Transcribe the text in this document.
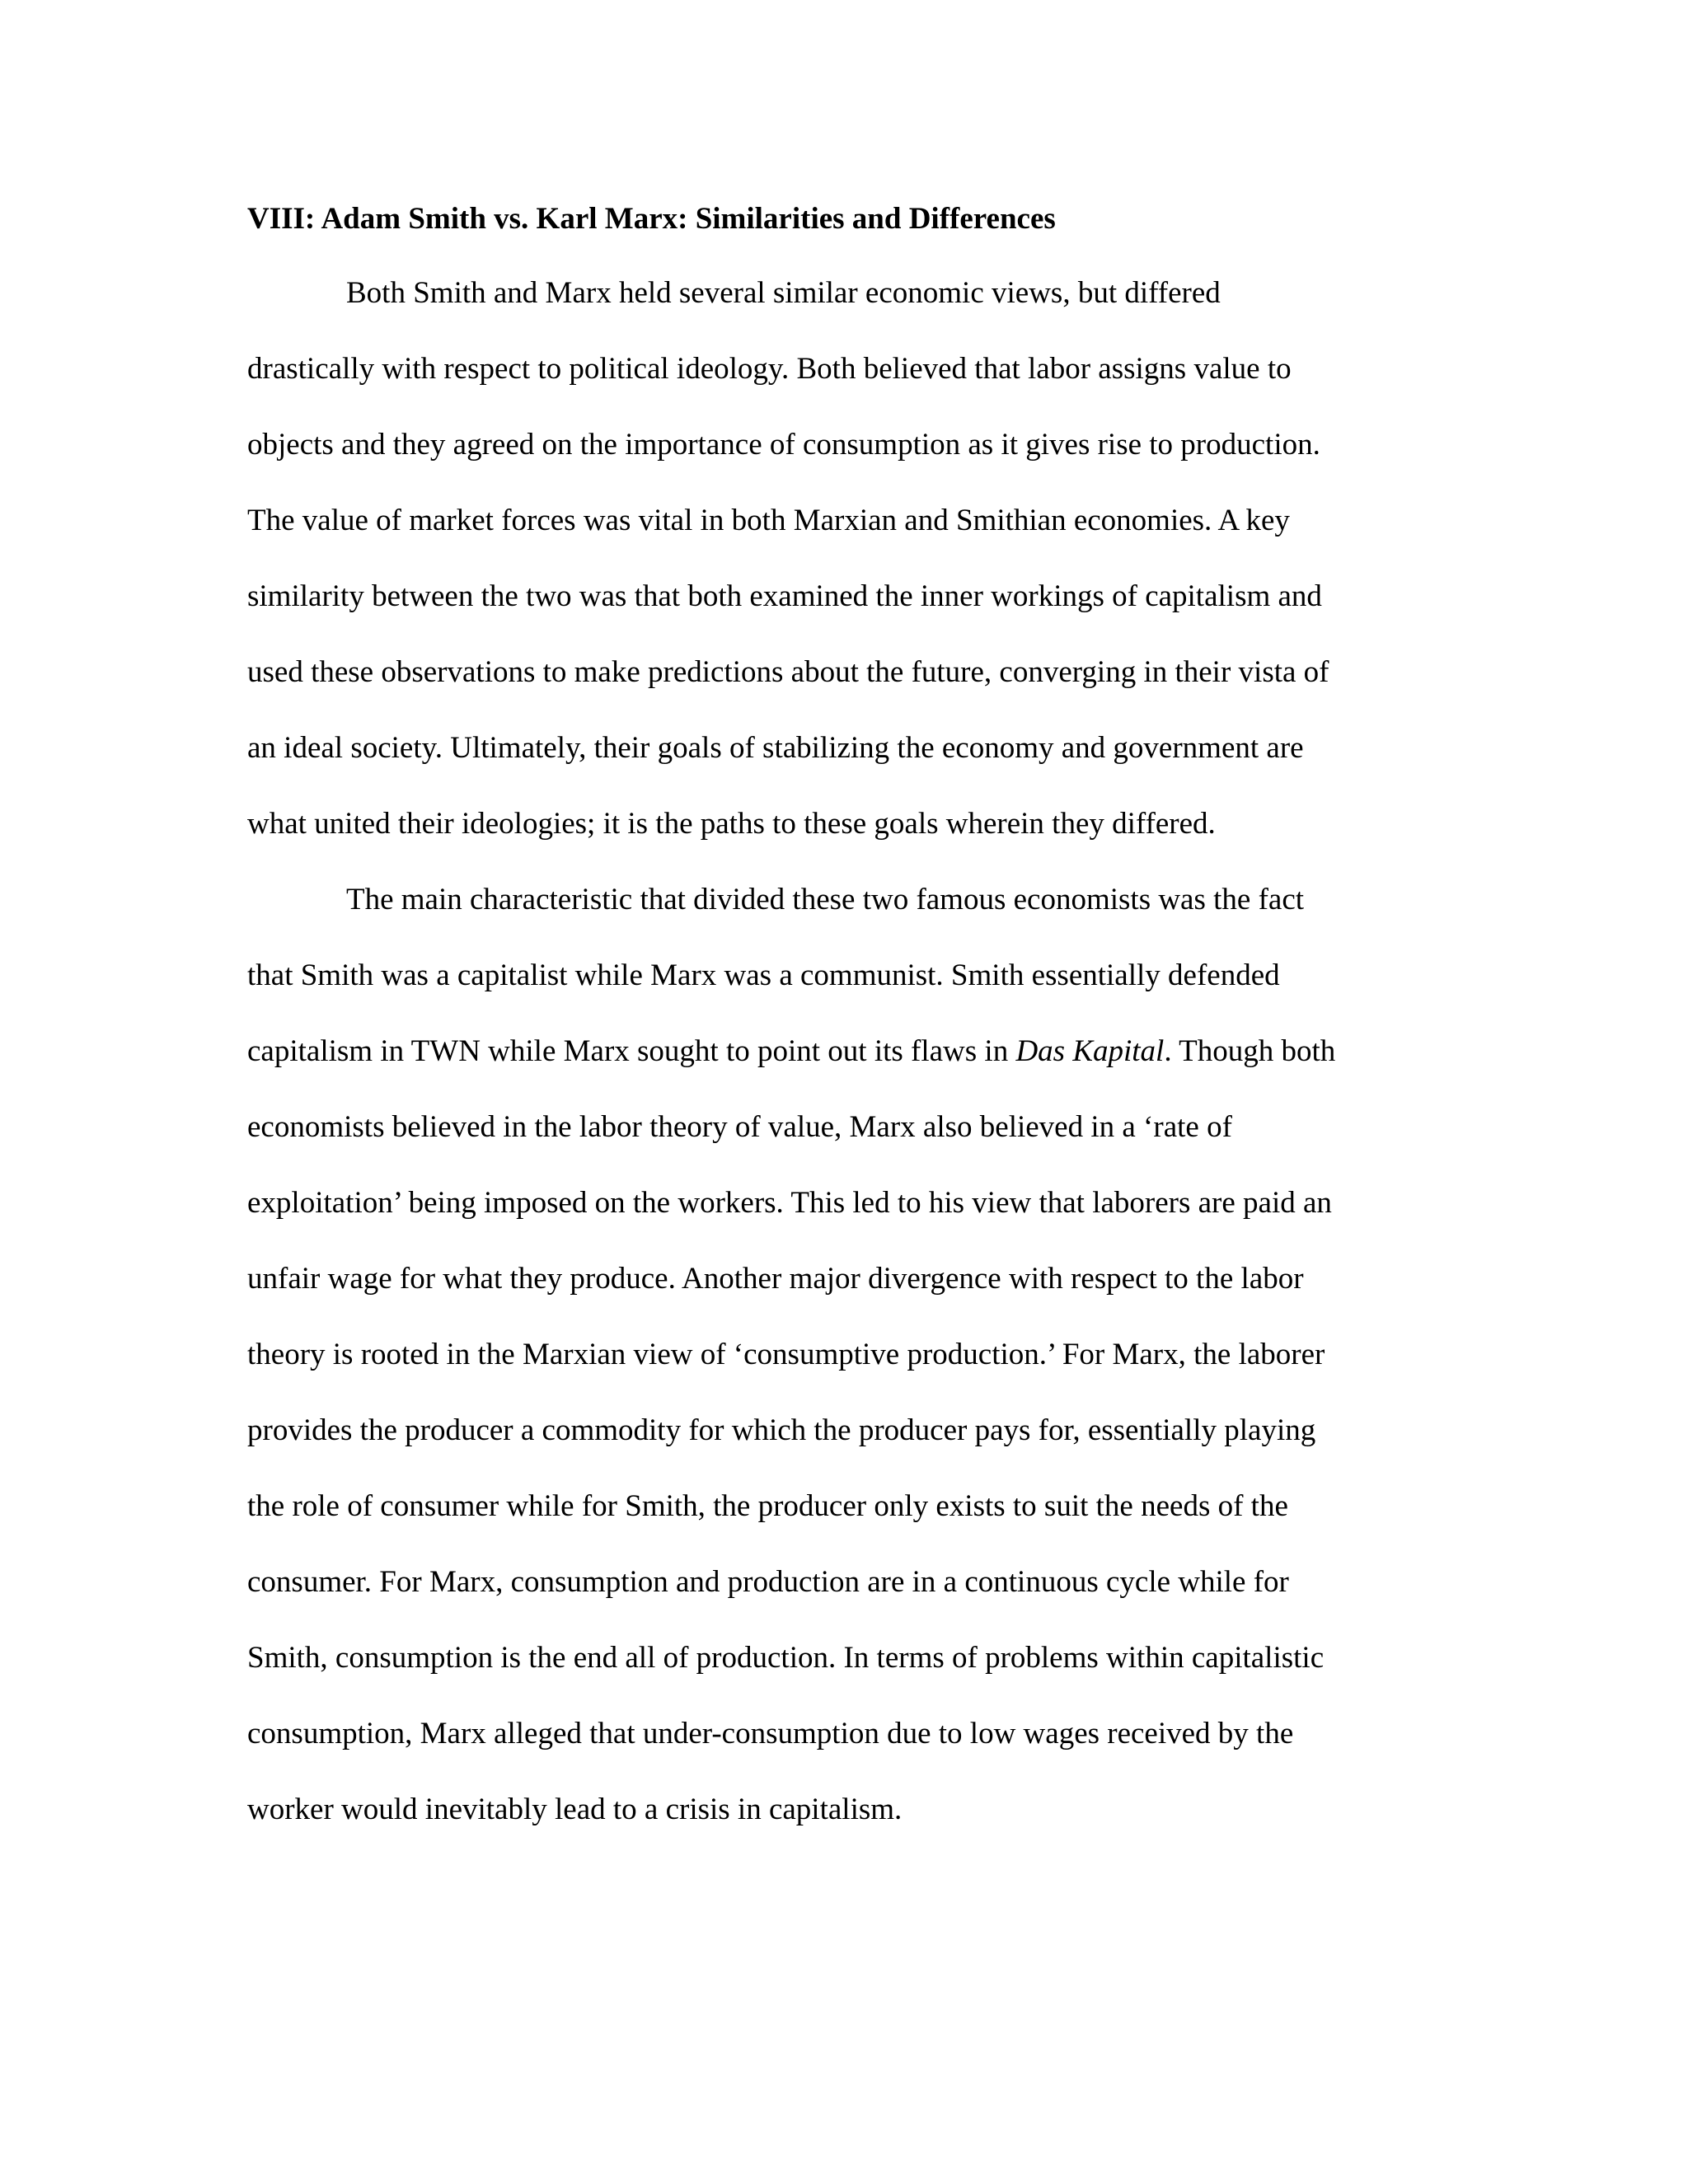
VIII: Adam Smith vs. Karl Marx: Similarities and Differences
Both Smith and Marx held several similar economic views, but differed
drastically with respect to political ideology. Both believed that labor assigns value to
objects and they agreed on the importance of consumption as it gives rise to production.
The value of market forces was vital in both Marxian and Smithian economies. A key
similarity between the two was that both examined the inner workings of capitalism and
used these observations to make predictions about the future, converging in their vista of
an ideal society. Ultimately, their goals of stabilizing the economy and government are
what united their ideologies; it is the paths to these goals wherein they differed.
The main characteristic that divided these two famous economists was the fact
that Smith was a capitalist while Marx was a communist. Smith essentially defended
capitalism in TWN while Marx sought to point out its flaws in Das Kapital. Though both
economists believed in the labor theory of value, Marx also believed in a ‘rate of
exploitation’ being imposed on the workers. This led to his view that laborers are paid an
unfair wage for what they produce. Another major divergence with respect to the labor
theory is rooted in the Marxian view of ‘consumptive production.’ For Marx, the laborer
provides the producer a commodity for which the producer pays for, essentially playing
the role of consumer while for Smith, the producer only exists to suit the needs of the
consumer. For Marx, consumption and production are in a continuous cycle while for
Smith, consumption is the end all of production. In terms of problems within capitalistic
consumption, Marx alleged that under-consumption due to low wages received by the
worker would inevitably lead to a crisis in capitalism.
